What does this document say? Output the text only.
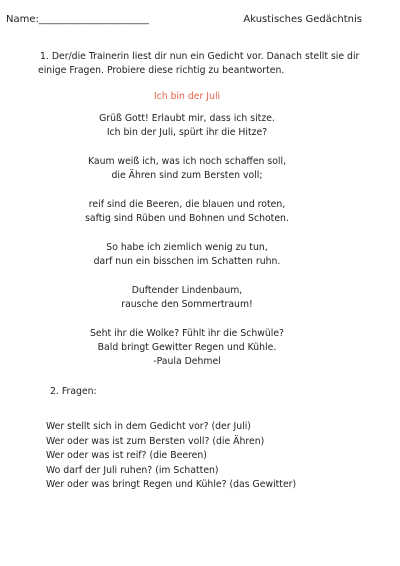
Name:______________________	Akustisches Gedächtnis
1. Der/die Trainerin liest dir nun ein Gedicht vor. Danach stellt sie dir
einige Fragen. Probiere diese richtig zu beantworten.
Ich bin der Juli

Grüß Gott! Erlaubt mir, dass ich sitze.

Ich bin der Juli, spürt ihr die Hitze?

Kaum weiß ich, was ich noch schaffen soll,

die Ähren sind zum Bersten voll;

reif sind die Beeren, die blauen und roten,

saftig sind Rüben und Bohnen und Schoten.

So habe ich ziemlich wenig zu tun,

darf nun ein bisschen im Schatten ruhn.

Duftender Lindenbaum,

rausche den Sommertraum!

Seht ihr die Wolke? Fühlt ihr die Schwüle?

Bald bringt Gewitter Regen und Kühle.

-Paula Dehmel

2. Fragen:

Wer stellt sich in dem Gedicht vor? (der Juli)

Wer oder was ist zum Bersten voll? (die Ähren)

Wer oder was ist reif? (die Beeren)

Wo darf der Juli ruhen? (im Schatten)

Wer oder was bringt Regen und Kühle? (das Gewitter)
